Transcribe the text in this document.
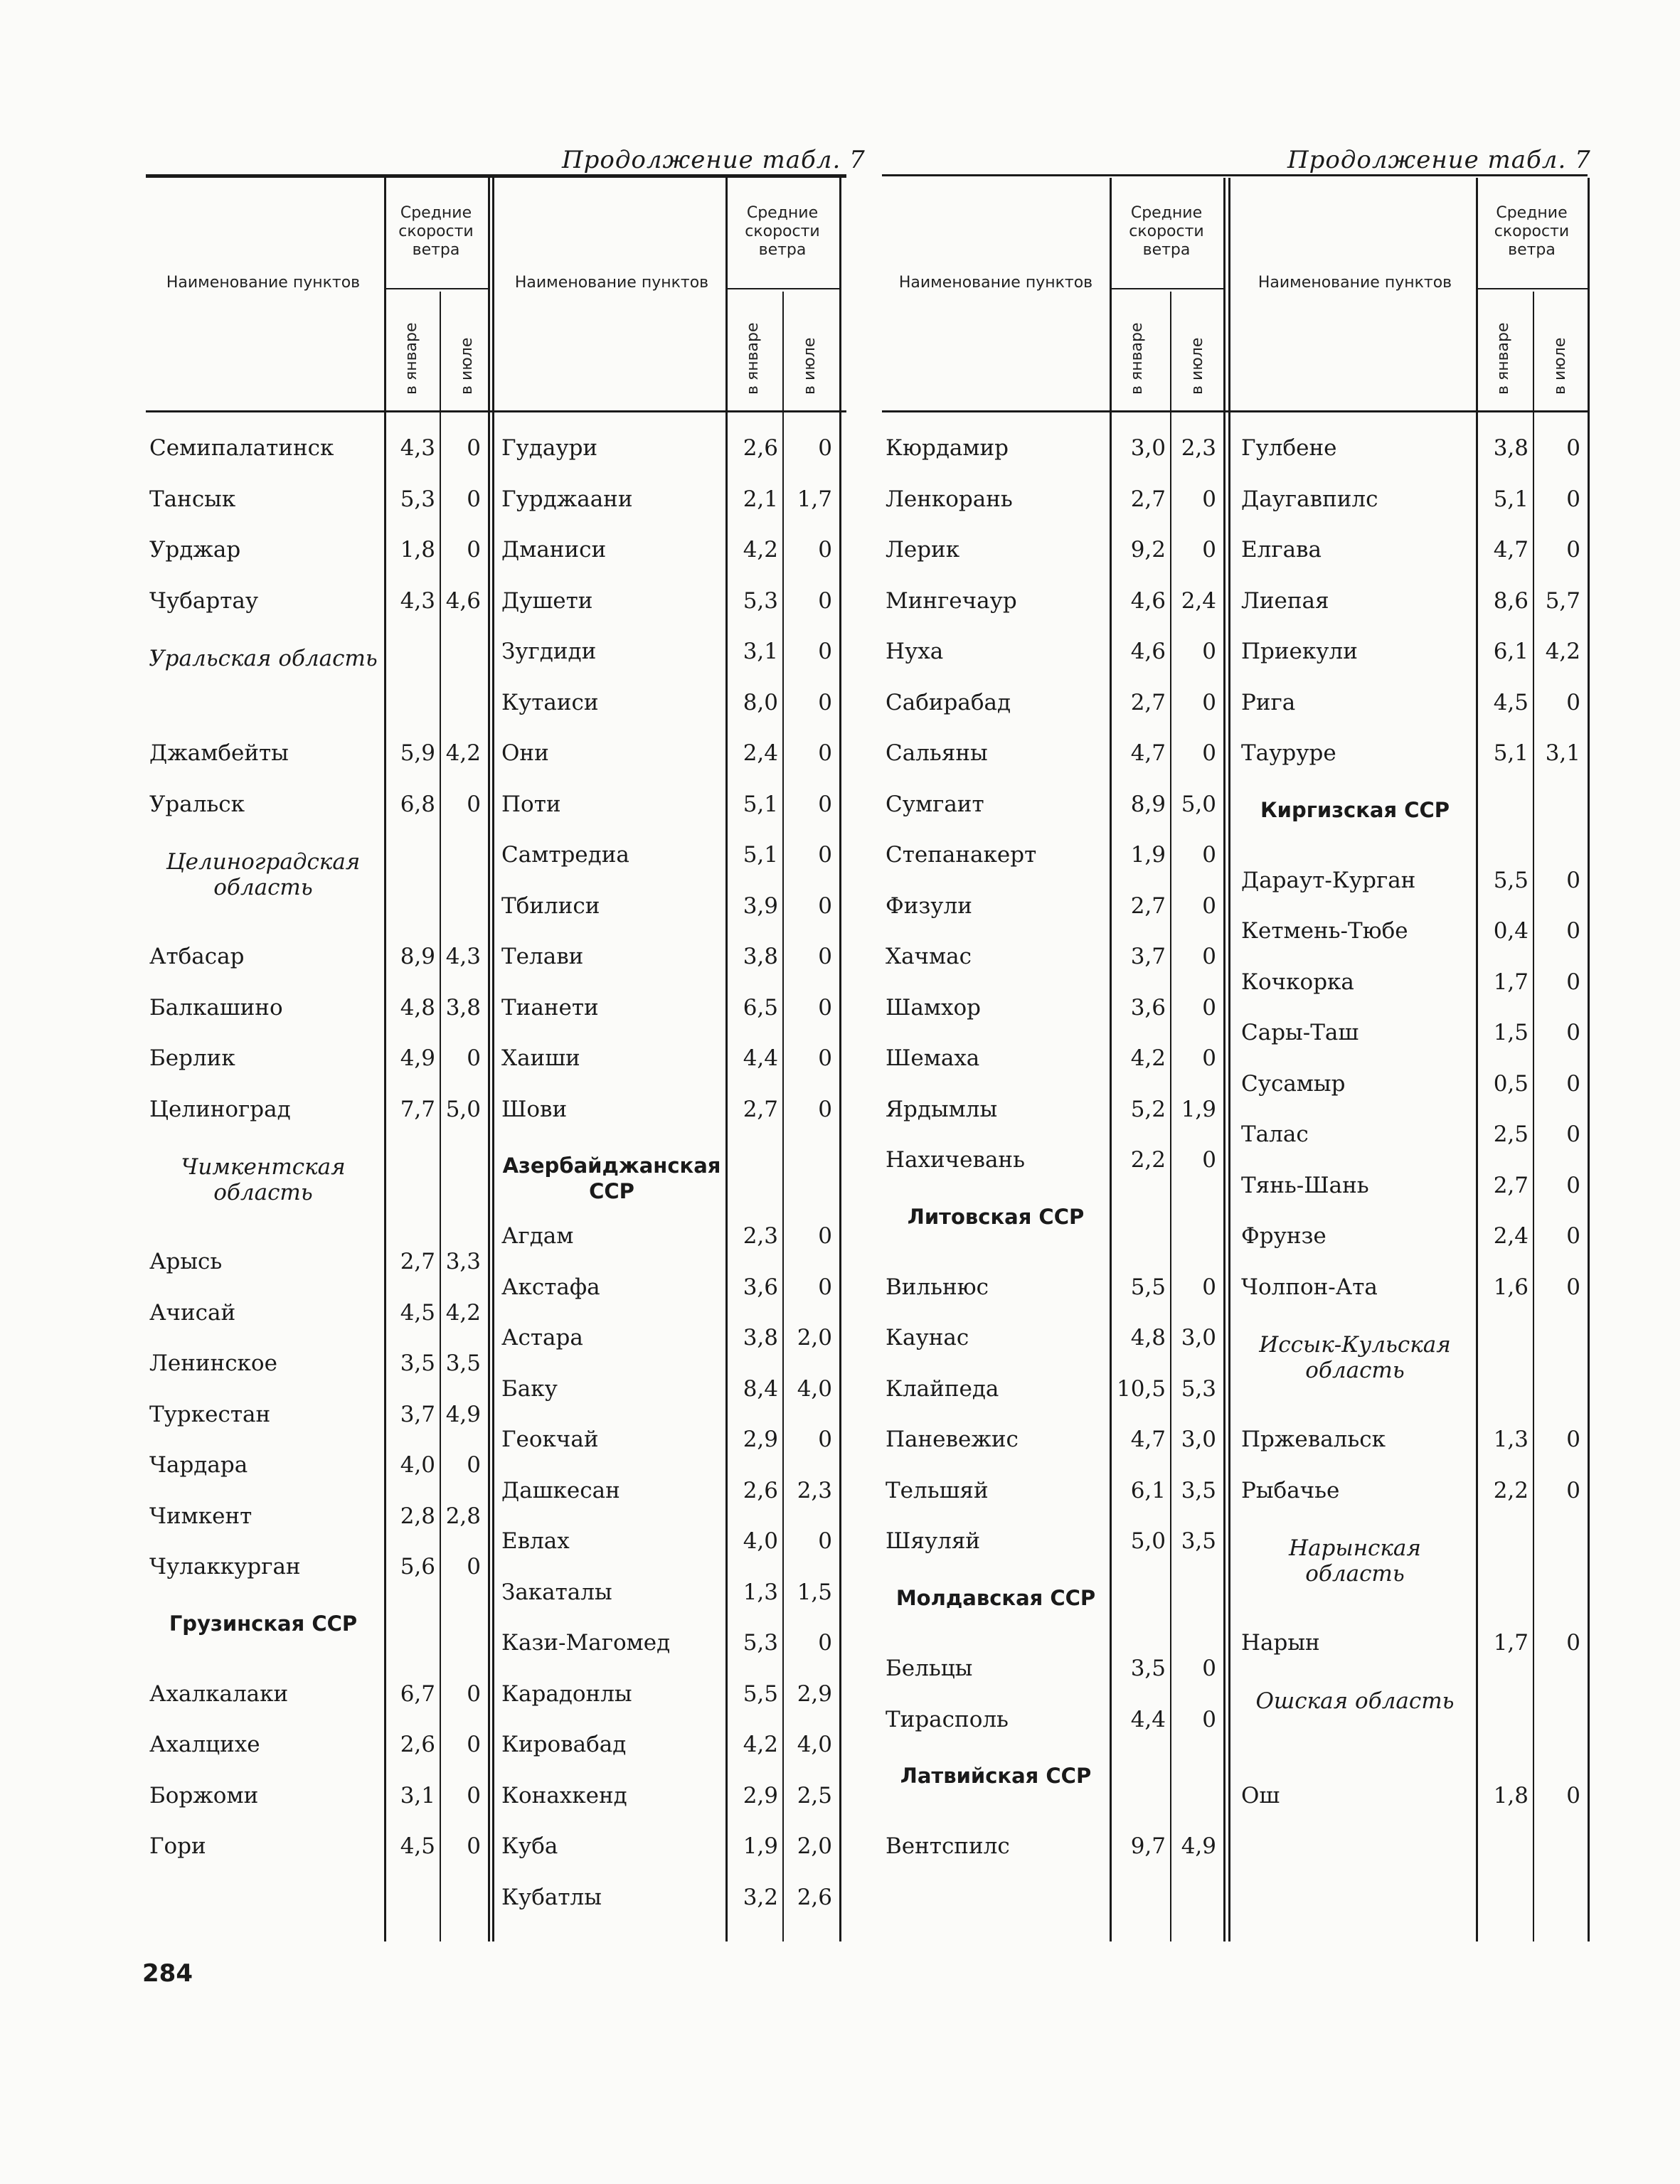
Продолжение табл. 7	Продолжение табл. 7
284
Наименование пунктов
Средние скорости ветра
в январе в июле
Семипалатинск	4,3	0
Тансык	5,3	0
Урджар	1,8	0
Чубартау	4,3 4,6
Уральская область
Джамбейты	5,9 4,2
Уральск	6,8	0
Целиноградская область
Атбасар	8,9 4,3
Балкашино	4,8 3,8
Берлик	4,9	0
Целиноград	7,7 5,0
Чимкентская область
Арысь	2,7 3,3
Ачисай	4,5 4,2
Ленинское	3,5 3,5
Туркестан	3,7 4,9
Чардара	4,0	0
Чимкент	2,8 2,8
Чулаккурган	5,6	0
Грузинская ССР
Ахалкалаки	6,7	0
Ахалцихе	2,6	0
Боржоми	3,1	0
Гори	4,5	0
Наименование пунктов
Средние скорости ветра
в январе	в июле
Гудаури	2,6	0
Гурджаани	2,1 1,7
Дманиси	4,2	0
Душети	5,3	0
Зугдиди	3,1	0
Кутаиси	8,0	0
Они	2,4	0
Поти	5,1	0
Самтредиа	5,1	0
Тбилиси	3,9	0
Телави	3,8	0
Тианети	6,5	0
Хаиши	4,4	0
Шови	2,7	0
Азербайджанская ССР
Агдам	2,3	0
Акстафа	3,6	0
Астара	3,8 2,0
Баку	8,4 4,0
Геокчай	2,9	0
Дашкесан	2,6 2,3
Евлах	4,0	0
Закаталы	1,3 1,5
Кази-Магомед	5,3	0
Карадонлы	5,5 2,9
Кировабад	4,2 4,0
Конахкенд	2,9 2,5
Куба	1,9 2,0
Кубатлы	3,2 2,6
Наименование пунктов
Средние скорости ветра
в январе	в июле
Кюрдамир	3,0 2,3
Ленкорань	2,7	0
Лерик	9,2	0
Мингечаур	4,6 2,4
Нуха	4,6	0
Сабирабад	2,7	0
Сальяны	4,7	0
Сумгаит	8,9 5,0
Степанакерт	1,9	0
Физули	2,7	0
Хачмас	3,7	0
Шамхор	3,6	0
Шемаха	4,2	0
Ярдымлы	5,2 1,9
Нахичевань	2,2	0
Литовская ССР
Вильнюс	5,5	0
Каунас	4,8 3,0
Клайпеда	10,5 5,3
Паневежис	4,7 3,0
Тельшяй	6,1 3,5
Шяуляй	5,0 3,5
Молдавская ССР
Бельцы	3,5	0
Тирасполь	4,4	0
Латвийская ССР
Вентспилс	9,7 4,9
Наименование пунктов
Средние скорости ветра
в январе	в июле
Гулбене	3,8	0
Даугавпилс	5,1	0
Елгава	4,7	0
Лиепая	8,6 5,7
Приекули	6,1 4,2
Рига	4,5	0
Тауруре	5,1 3,1
Киргизская ССР
Дараут-Курган	5,5	0
Кетмень-Тюбе	0,4	0
Кочкорка	1,7	0
Сары-Таш	1,5	0
Сусамыр	0,5	0
Талас	2,5	0
Тянь-Шань	2,7	0
Фрунзе	2,4	0
Чолпон-Ата	1,6	0
Иссык-Кульская область
Пржевальск	1,3	0
Рыбачье	2,2	0
Нарынская область
Нарын	1,7	0
Ошская область
Ош	1,8	0
